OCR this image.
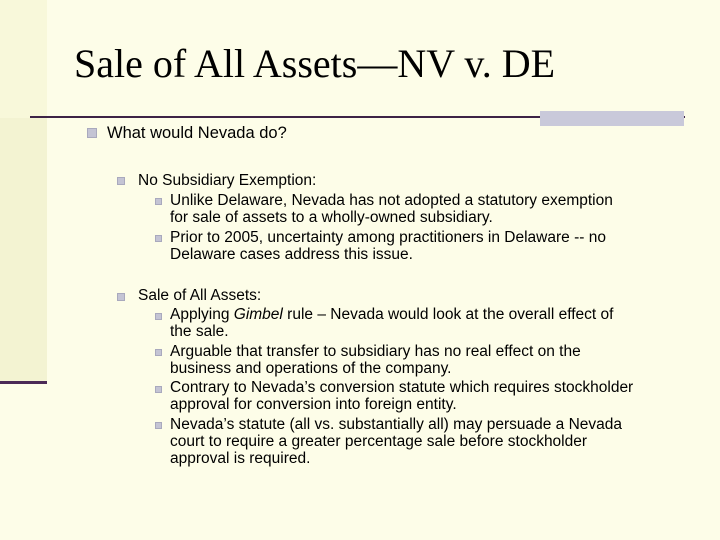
Sale of All Assets—NV v. DE
What would Nevada do?
No Subsidiary Exemption:
Unlike Delaware, Nevada has not adopted a statutory exemption
for sale of assets to a wholly-owned subsidiary.
Prior to 2005, uncertainty among practitioners in Delaware -- no
Delaware cases address this issue.
Sale of All Assets:
Applying Gimbel rule – Nevada would look at the overall effect of
the sale.
Arguable that transfer to subsidiary has no real effect on the
business and operations of the company.
Contrary to Nevada’s conversion statute which requires stockholder
approval for conversion into foreign entity.
Nevada’s statute (all vs. substantially all) may persuade a Nevada
court to require a greater percentage sale before stockholder
approval is required.
